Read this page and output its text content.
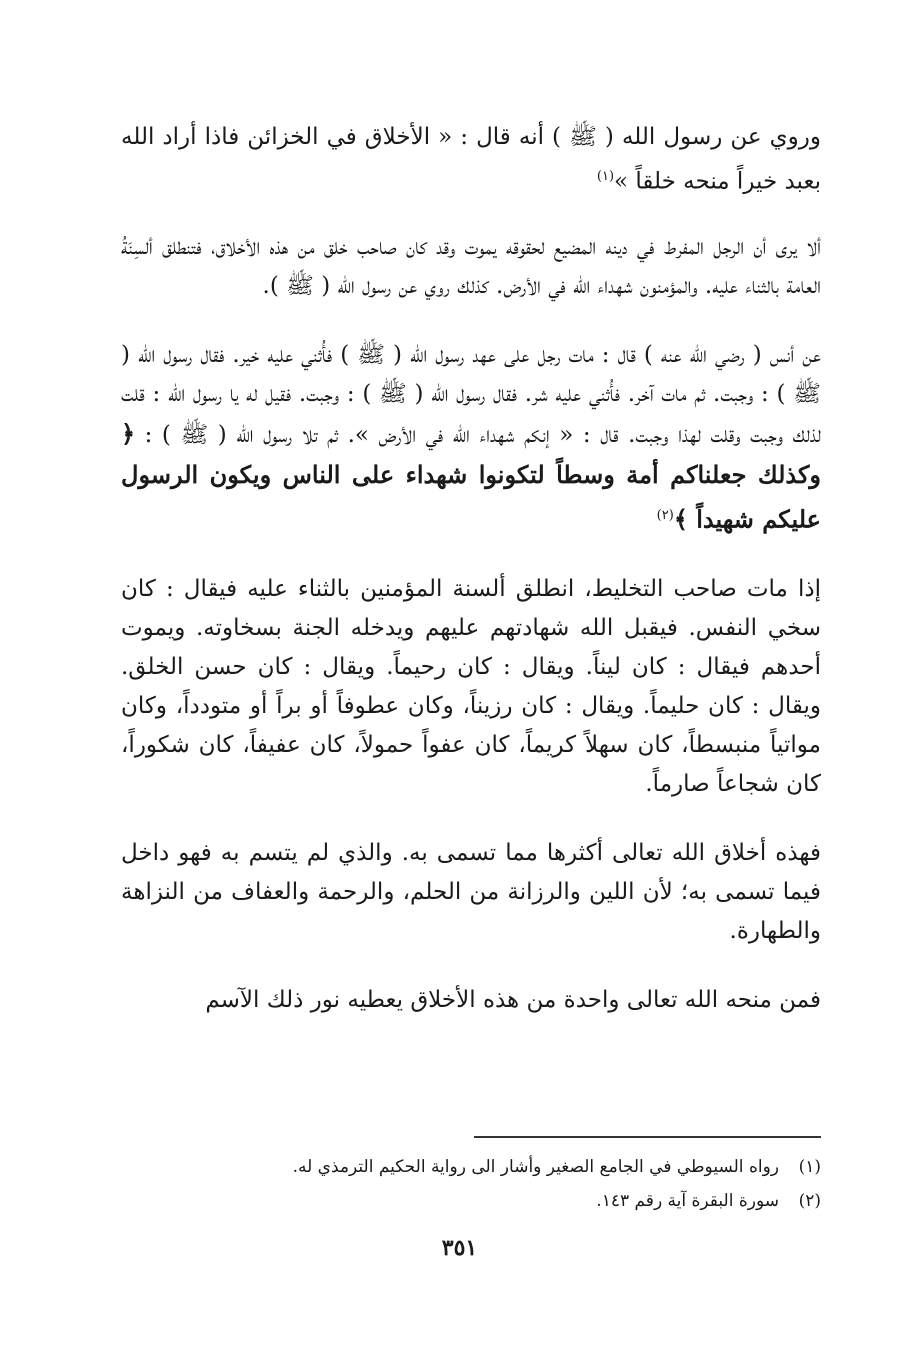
وروي عن رسول الله ( ﷺ ) أنه قال : « الأخلاق في الخزائن فاذا أراد الله بعبد خيراً منحه خلقاً »$^{(١)}$

ألا يرى أن الرجل المفرط في دينه المضيع لحقوقه يموت وقد كان صاحب خلق من هذه الأخلاق، فتنطلق ألسِنَةُ العامة بالثناء عليه. والمؤمنون شهداء الله في الأرض. كذلك روي عن رسول الله ( ﷺ ).

عن أنس ( رضي الله عنه ) قال : مات رجل على عهد رسول الله ( ﷺ ) فأُثني عليه خير. فقال رسول الله ( ﷺ ) : وجبت. ثم مات آخر. فأُثني عليه شر. فقال رسول الله ( ﷺ ) : وجبت. فقيل له يا رسول الله : قلت لذلك وجبت وقلت لهذا وجبت. قال : « إنكم شهداء الله في الأرض ». ثم تلا رسول الله ( ﷺ ) : ﴿ وكذلك جعلناكم أمة وسطاً لتكونوا شهداء على الناس ويكون الرسول عليكم شهيداً ﴾$^{(٢)}$

إذا مات صاحب التخليط، انطلق ألسنة المؤمنين بالثناء عليه فيقال : كان سخي النفس. فيقبل الله شهادتهم عليهم ويدخله الجنة بسخاوته. ويموت أحدهم فيقال : كان ليناً. ويقال : كان رحيماً. ويقال : كان حسن الخلق. ويقال : كان حليماً. ويقال : كان رزيناً، وكان عطوفاً أو براً أو متودداً، وكان مواتياً منبسطاً، كان سهلاً كريماً، كان عفواً حمولاً، كان عفيفاً، كان شكوراً، كان شجاعاً صارماً.

فهذه أخلاق الله تعالى أكثرها مما تسمى به. والذي لم يتسم به فهو داخل فيما تسمى به؛ لأن اللين والرزانة من الحلم، والرحمة والعفاف من النزاهة والطهارة.

فمن منحه الله تعالى واحدة من هذه الأخلاق يعطيه نور ذلك الآسم

(١)
رواه السيوطي في الجامع الصغير وأشار الى رواية الحكيم الترمذي له.
(٢)
سورة البقرة آية رقم ١٤٣.
٣٥١
